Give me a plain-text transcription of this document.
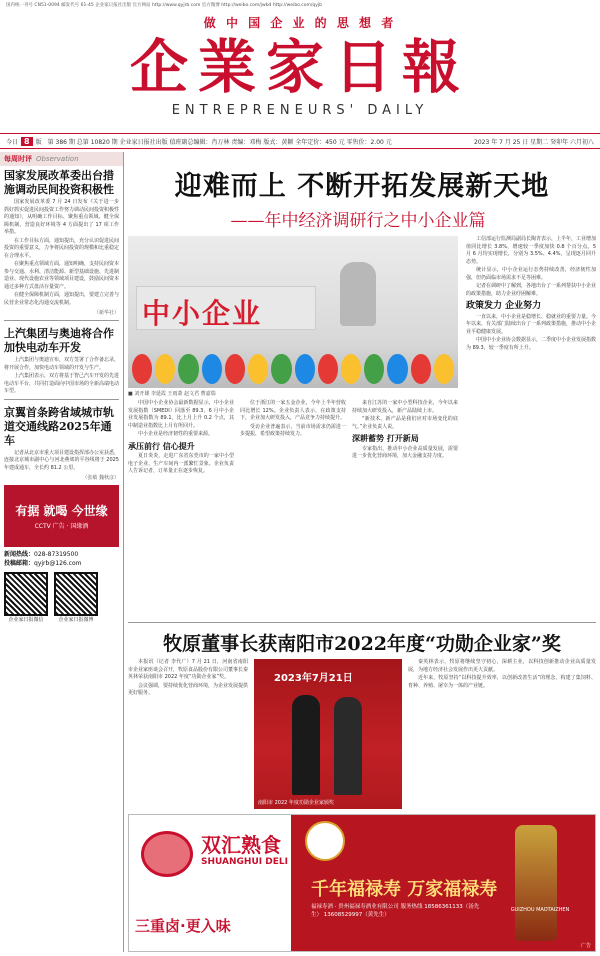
国内统一刊号 CN51-0094 邮发代号 61-45 企业家日报社出版 官方网站 http://www.qyjrb.com 官方微博 http://weibo.com/jwbd http://weibo.com/qyjb
做 中 国 企 业 的 思 想 者
企業家日報
ENTREPRENEURS' DAILY
今日 8	版 第 386 期 总第 10820 期 企业家日报社出版 值班副总编辑：肖万林 责编：邓梅 版式：黄颖 全年定价：450 元 零售价：2.00 元	2023 年 7 月 25 日 星期二 癸卯年 六月初八
每周时评 Observation
国家发展改革委出台措施调动民间投资积极性

国家发展改革委 7 月 24 日发布《关于进一步抓好抓实促进民间投资工作努力调动民间投资积极性的通知》，从明确工作目标、聚焦重点领域、健全保障机制、营造良好环境等 4 方面提出了 17 项工作举措。

在工作目标方面，通知提出，充分认识促进民间投资的重要意义，力争将民间投资的规模和比重稳定在合理水平。

在聚焦重点领域方面，通知明确，支持民间资本参与交通、水利、清洁能源、新型基础设施、先进制造业、现代设施农业等领域项目建设，鼓励民间资本通过多种方式盘活存量资产。

在健全保障机制方面，通知提出，要建立完善与民营企业常态化沟通交流机制。

（新华社）
上汽集团与奥迪将合作加快电动车开发

上汽集团与奥迪宣布，双方签署了合作备忘录，将开展合作，加快电动车领域的开发与生产。

上汽集团表示，双方将基于智己汽车开发的先进电动车平台，共同打造面向中国市场的全新高端电动车型。

京翼首条跨省域城市轨道交通线路2025年通车

记者从北京市重大项目建设指挥部办公室获悉，连接北京城市副中心与河北燕郊的平谷线将于 2025 年建成通车，全长约 81.2 公里。

（张敏 魏秋彦）
有据 就喝 今世缘
CCTV 广告 · 国缘酒
新闻热线：028-87319500
投稿邮箱：qyjrb@126.com
企业家日报微信	企业家日报微博
迎难而上 不断开拓发展新天地
——年中经济调研行之中小企业篇
中小企业
■ 刘开雄 李延霞 王雨萧 赵文君 曹嘉瑞

工信部运行监测局副局长陶青表示，上半年，工业增加值同比增长 3.8%，增速较一季度加快 0.8 个百分点。5 月 6 月均实现增长，分别为 3.5%、4.4%，呈现逐月回升态势。

统计显示，中小企业运行态势持续改善，经济韧性加强，但仍面临市场需求不足等困难。

记者在调研中了解到，各地出台了一系列帮扶中小企业的政策措施，助力企业纾困解难。

政策发力 企业努力

一直以来，中小企业是稳增长、稳就业的重要力量。今年以来，有关部门陆续出台了一系列政策措施，推动中小企业平稳健康发展。

中国中小企业协会数据显示，二季度中小企业发展指数为 89.3，较一季度有所上升。

中国中小企业协会最新数据显示，中小企业发展指数（SMEDI）回落至 89.3，6 月中小企业发展指数为 89.1，比上月上升 0.2 个点，其中制造业指数比上月有所回升。

中小企业是经济韧性的重要来源。

承压前行 信心提升

夏日炎炎，走进广东省东莞市的一家中小型电子企业，生产车间内一派繁忙景象。企业负责人告诉记者，订单量正在逐步恢复。

位于浙江的一家五金企业，今年上半年营收同比增长 12%。企业负责人表示，在政策支持下，企业加大研发投入，产品竞争力持续提升。

受访企业普遍表示，当前市场需求仍需进一步提振，希望政策持续发力。

来自江苏的一家中小型科技企业，今年以来持续加大研发投入，新产品陆续上市。

“新技术、新产品是我们应对市场变化的底气。”企业负责人说。

深耕蓄势 打开新局

专家指出，推动中小企业高质量发展，需要进一步优化营商环境，加大金融支持力度。

牧原董事长获南阳市2022年度“功勋企业家”奖

本报讯（记者 李代广）7 月 21 日，河南省南阳市企业家座谈会召开，牧原食品股份有限公司董事长秦英林荣获南阳市 2022 年度“功勋企业家”奖。

会议强调，要持续优化营商环境，为企业发展提供更好服务。

2023年7月21日
南阳市 2022 年度功勋企业家颁奖

秦英林表示，牧原将继续坚守初心，深耕主业，以科技创新推动企业高质量发展，为地方经济社会发展作出更大贡献。

近年来，牧原坚持“以科技提升效率，以创新改善生活”的理念，构建了集饲料、育种、养殖、屠宰为一体的产业链。

双汇熟食
SHUANGHUI DELI
三重卤·更入味
千年福禄寿 万家福禄寿
福禄寿酒 · 贵州福禄寿酒业有限公司 服务热线 18586361133（汤先生） 13608529997（黄先生）
GUIZHOU MAOTAIZHEN
广告
